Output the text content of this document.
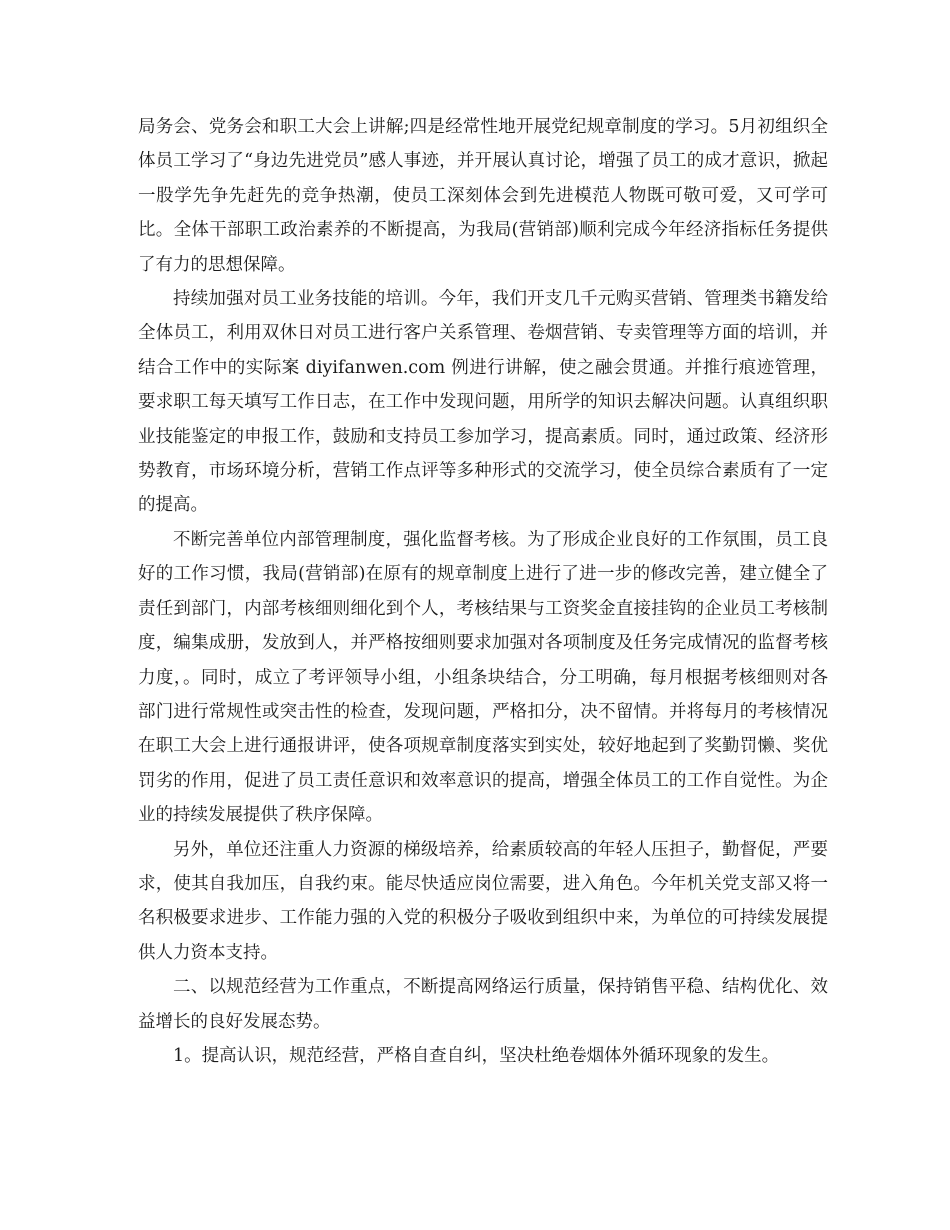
局务会、党务会和职工大会上讲解;四是经常性地开展党纪规章制度的学习。5月初组织全体员工学习了“身边先进党员”感人事迹，并开展认真讨论，增强了员工的成才意识，掀起一股学先争先赶先的竞争热潮，使员工深刻体会到先进模范人物既可敬可爱，又可学可比。全体干部职工政治素养的不断提高，为我局(营销部)顺利完成今年经济指标任务提供了有力的思想保障。

持续加强对员工业务技能的培训。今年，我们开支几千元购买营销、管理类书籍发给全体员工，利用双休日对员工进行客户关系管理、卷烟营销、专卖管理等方面的培训，并结合工作中的实际案 diyifanwen.com 例进行讲解，使之融会贯通。并推行痕迹管理，要求职工每天填写工作日志，在工作中发现问题，用所学的知识去解决问题。认真组织职业技能鉴定的申报工作，鼓励和支持员工参加学习，提高素质。同时，通过政策、经济形势教育，市场环境分析，营销工作点评等多种形式的交流学习，使全员综合素质有了一定的提高。

不断完善单位内部管理制度，强化监督考核。为了形成企业良好的工作氛围，员工良好的工作习惯，我局(营销部)在原有的规章制度上进行了进一步的修改完善，建立健全了责任到部门，内部考核细则细化到个人，考核结果与工资奖金直接挂钩的企业员工考核制度，编集成册，发放到人，并严格按细则要求加强对各项制度及任务完成情况的监督考核力度，。同时，成立了考评领导小组，小组条块结合，分工明确，每月根据考核细则对各部门进行常规性或突击性的检查，发现问题，严格扣分，决不留情。并将每月的考核情况在职工大会上进行通报讲评，使各项规章制度落实到实处，较好地起到了奖勤罚懒、奖优罚劣的作用，促进了员工责任意识和效率意识的提高，增强全体员工的工作自觉性。为企业的持续发展提供了秩序保障。

另外，单位还注重人力资源的梯级培养，给素质较高的年轻人压担子，勤督促，严要求，使其自我加压，自我约束。能尽快适应岗位需要，进入角色。今年机关党支部又将一名积极要求进步、工作能力强的入党的积极分子吸收到组织中来，为单位的可持续发展提供人力资本支持。

二、以规范经营为工作重点，不断提高网络运行质量，保持销售平稳、结构优化、效益增长的良好发展态势。

1。提高认识，规范经营，严格自查自纠，坚决杜绝卷烟体外循环现象的发生。
